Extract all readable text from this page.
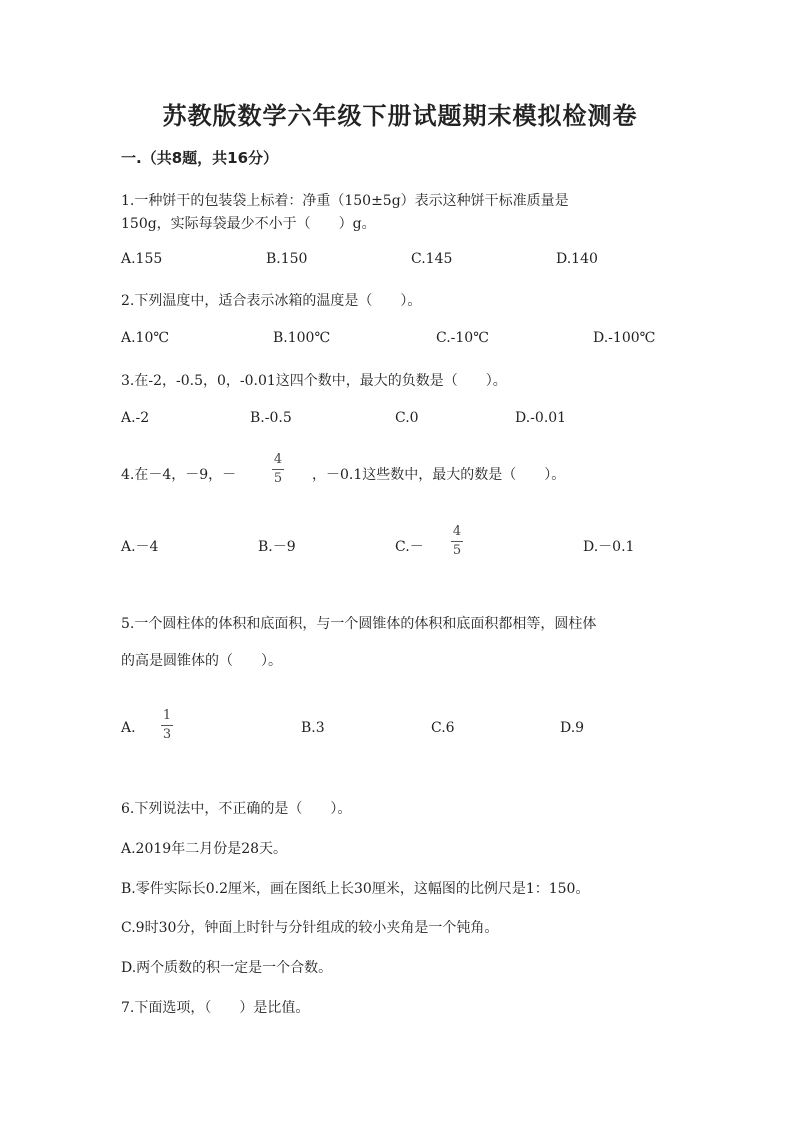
苏教版数学六年级下册试题期末模拟检测卷
一.（共8题，共16分）
1.一种饼干的包装袋上标着：净重（150±5g）表示这种饼干标准质量是
150g，实际每袋最少不小于（　　）g。
A.155	B.150	C.145	D.140
2.下列温度中，适合表示冰箱的温度是（　　）。
A.10℃	B.100℃	C.-10℃	D.-100℃
3.在-2，-0.5，0，-0.01这四个数中，最大的负数是（　　）。
A.-2	B.-0.5	C.0	D.-0.01
4.在－4，－9，－
4
5 ，－0.1这些数中，最大的数是（　　）。
A.－4	B.－9	C.－
4
5	D.－0.1
5.一个圆柱体的体积和底面积，与一个圆锥体的体积和底面积都相等，圆柱体
的高是圆锥体的（　　）。
A.
1
3	B.3	C.6	D.9
6.下列说法中，不正确的是（　　）。
A.2019年二月份是28天。
B.零件实际长0.2厘米，画在图纸上长30厘米，这幅图的比例尺是1：150。
C.9时30分，钟面上时针与分针组成的较小夹角是一个钝角。
D.两个质数的积一定是一个合数。
7.下面选项，（　　）是比值。
